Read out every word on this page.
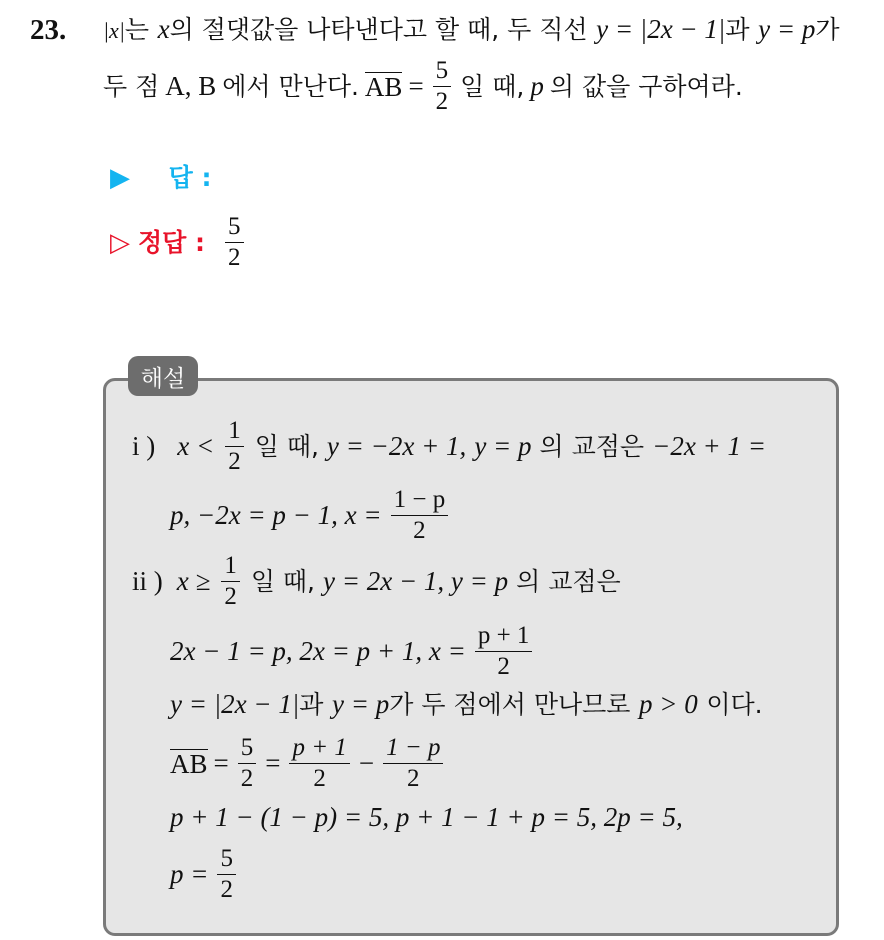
23. |x|는 x의 절댓값을 나타낸다고 할 때, 두 직선 y = |2x − 1|과 y = p가
두 점 A, B 에서 만난다. AB = $\frac{5}{2}$ 일 때, p 의 값을 구하여라.
▶ 답 :
▷ 정답 : $\frac{5}{2}$
해설
i ) $x < \frac{1}{2}$ 일 때, y = −2x + 1, y = p 의 교점은 −2x + 1 =
p, −2x = p − 1, $x = \frac{1 - p}{2}$
ii ) $x \ge \frac{1}{2}$ 일 때, y = 2x − 1, y = p 의 교점은
2x − 1 = p, 2x = p + 1, $x = \frac{p + 1}{2}$
y = |2x − 1|과 y = p가 두 점에서 만나므로 p > 0 이다.
AB = $\frac{5}{2} = \frac{p + 1}{2} - \frac{1 - p}{2}$
p + 1 − (1 − p) = 5, p + 1 − 1 + p = 5, 2p = 5,
$p = \frac{5}{2}$
